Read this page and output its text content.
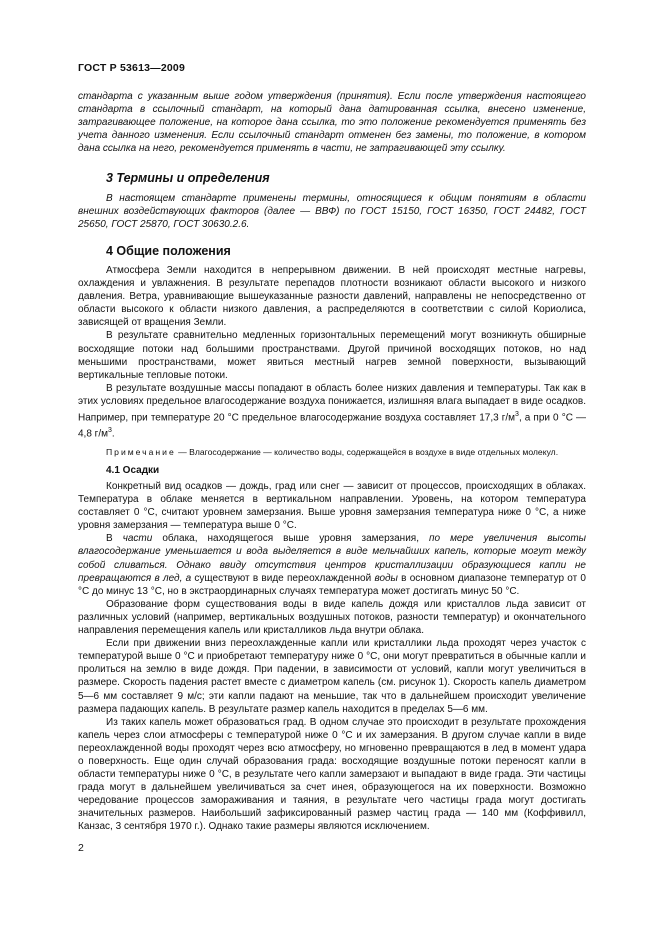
ГОСТ Р 53613—2009

стандарта с указанным выше годом утверждения (принятия). Если после утверждения настоящего стандарта в ссылочный стандарт, на который дана датированная ссылка, внесено изменение, затрагивающее положение, на которое дана ссылка, то это положение рекомендуется применять без учета данного изменения. Если ссылочный стандарт отменен без замены, то положение, в котором дана ссылка на него, рекомендуется применять в части, не затрагивающей эту ссылку.

3 Термины и определения

В настоящем стандарте применены термины, относящиеся к общим понятиям в области внешних воздействующих факторов (далее — ВВФ) по ГОСТ 15150, ГОСТ 16350, ГОСТ 24482, ГОСТ 25650, ГОСТ 25870, ГОСТ 30630.2.6.

4 Общие положения

Атмосфера Земли находится в непрерывном движении. В ней происходят местные нагревы, охлаждения и увлажнения. В результате перепадов плотности возникают области высокого и низкого давления. Ветра, уравнивающие вышеуказанные разности давлений, направлены не непосредственно от области высокого к области низкого давления, а распределяются в соответствии с силой Кориолиса, зависящей от вращения Земли.

В результате сравнительно медленных горизонтальных перемещений могут возникнуть обширные восходящие потоки над большими пространствами. Другой причиной восходящих потоков, но над меньшими пространствами, может явиться местный нагрев земной поверхности, вызывающий вертикальные тепловые потоки.

В результате воздушные массы попадают в область более низких давления и температуры. Так как в этих условиях предельное влагосодержание воздуха понижается, излишняя влага выпадает в виде осадков. Например, при температуре 20 °С предельное влагосодержание воздуха составляет 17,3 $г/м^3$, а при 0 °С — 4,8 $г/м^3$.

Примечание — Влагосодержание — количество воды, содержащейся в воздухе в виде отдельных молекул.

4.1 Осадки

Конкретный вид осадков — дождь, град или снег — зависит от процессов, происходящих в облаках. Температура в облаке меняется в вертикальном направлении. Уровень, на котором температура составляет 0 °С, считают уровнем замерзания. Выше уровня замерзания температура ниже 0 °С, а ниже уровня замерзания — температура выше 0 °С.

В части облака, находящегося выше уровня замерзания, по мере увеличения высоты влагосодержание уменьшается и вода выделяется в виде мельчайших капель, которые могут между собой сливаться. Однако ввиду отсутствия центров кристаллизации образующиеся капли не превращаются в лед, а существуют в виде переохлажденной воды в основном диапазоне температур от 0 °С до минус 13 °С, но в экстраординарных случаях температура может достигать минус 50 °С.

Образование форм существования воды в виде капель дождя или кристаллов льда зависит от различных условий (например, вертикальных воздушных потоков, разности температур) и окончательного направления перемещения капель или кристалликов льда внутри облака.

Если при движении вниз переохлажденные капли или кристаллики льда проходят через участок с температурой выше 0 °С и приобретают температуру ниже 0 °С, они могут превратиться в обычные капли и пролиться на землю в виде дождя. При падении, в зависимости от условий, капли могут увеличиться в размере. Скорость падения растет вместе с диаметром капель (см. рисунок 1). Скорость капель диаметром 5—6 мм составляет 9 м/с; эти капли падают на меньшие, так что в дальнейшем происходит увеличение размера падающих капель. В результате размер капель находится в пределах 5—6 мм.

Из таких капель может образоваться град. В одном случае это происходит в результате прохождения капель через слои атмосферы с температурой ниже 0 °С и их замерзания. В другом случае капли в виде переохлажденной воды проходят через всю атмосферу, но мгновенно превращаются в лед в момент удара о поверхность. Еще один случай образования града: восходящие воздушные потоки переносят капли в области температуры ниже 0 °С, в результате чего капли замерзают и выпадают в виде града. Эти частицы града могут в дальнейшем увеличиваться за счет инея, образующегося на их поверхности. Возможно чередование процессов замораживания и таяния, в результате чего частицы града могут достигать значительных размеров. Наибольший зафиксированный размер частиц града — 140 мм (Коффивилл, Канзас, 3 сентября 1970 г.). Однако такие размеры являются исключением.

2
